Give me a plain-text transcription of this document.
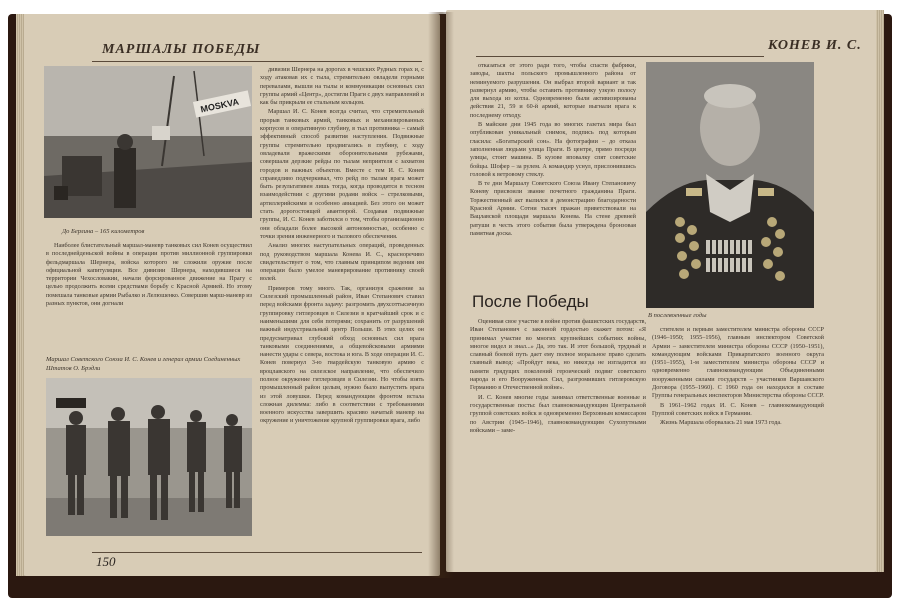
МАРШАЛЫ ПОБЕДЫ
MOSKVA
До Берлина – 165 километров

Наиболее блистательный маршал-маневр танковых сил Конев осуществил в последнейденьской войны в операции против миллионной группировки фельдмаршала Шернера, войска которого не сложили оружие после официальной капитуляции. Все дивизии Шернера, находившиеся на территории Чехословакии, начали форсированное движение на Прагу с целью продолжить всеми средствами борьбу с Красной Армией. Но этому помешала танковые армии Рыбалко и Лелюшенко. Совершив марш-маневр из разных пунктов, они догнали

Маршал Советского Союза И. С. Конев и генерал армии Соединенных Штатов О. Брэдли

дивизии Шернера на дорогах в чешских Рудных горах и, с ходу атаковав их с тыла, стремительно овладели горными перевалами, вышли на тылы и коммуникации основных сил группы армий «Центр», достигли Праги с двух направлений и как бы прикрыли ее стальным кольцом.

Маршал И. С. Конев всегда считал, что стремительный прорыв танковых армий, танковых и механизированных корпусов в оперативную глубину, в тыл противника – самый эффективный способ развития наступления. Подвижные группы стремительно продвигались в глубину, с ходу овладевали вражескими оборонительными рубежами, совершали дерзкие рейды по тылам неприятеля с захватом городов и важных объектов. Вместе с тем И. С. Конев справедливо подчеркивал, что рейд по тылам врага может быть результативен лишь тогда, когда проводится в тесном взаимодействии с другими родами войск – стрелковыми, артиллерийскими и особенно авиацией. Без этого он может стать дорогостоящей авантюрой. Создавая подвижные группы, И. С. Конев заботился о том, чтобы организационно они обладали более высокой автономностью, особенно с точки зрения инженерного и тылового обеспечения.

Анализ многих наступательных операций, проведенных под руководством маршала Конева И. С., красноречиво свидетельствует о том, что главным принципом ведения им операции было умелое маневрирование противнику своей волей.

Примеров тому много. Так, организуя сражение за Силезский промышленный район, Иван Степанович ставил перед войсками фронта задачу: разгромить двухсоттысячную группировку гитлеровцев в Силезии в кратчайший срок и с наименьшими для себя потерями; сохранить от разрушений важный индустриальный центр Польши. В этих целях он предусматривал глубокий обход основных сил врага танковыми соединениями, а общевойсковыми армиями нанести удары с севера, востока и юга. В ходе операции И. С. Конев повернул 3-ю гвардейскую танковую армию с вроцлавского на силезское направление, что обеспечило полное окружение гитлеровцев в Силезии. Но чтобы взять промышленный район целым, нужно было выпустить врага из этой ловушки. Перед командующим фронтом встала сложная дилемма: либо в соответствии с требованиями военного искусства завершить красиво начатый маневр на окружение и уничтожение крупной группировки врага, либо

150
КОНЕВ И. С.

отказаться от этого ради того, чтобы спасти фабрики, заводы, шахты польского промышленного района от неминуемого разрушения. Он выбрал второй вариант и так развернул армию, чтобы оставить противнику узкую полосу для выхода из котла. Одновременно были активизированы действия 21, 59 и 60-й армий, которые выгнали врага к последнему отходу.

В майские дни 1945 года во многих газетах мира был опубликован уникальный снимок, подпись под которым гласила: «Богатырский сон». На фотографии – до отказа заполненная людьми улица Праги. В центре, прямо посреди улицы, стоит машина. В кузове вповалку спят советские бойцы. Шофер – за рулем. А командир уснул, прислонившись головой к ветровому стеклу.

В те дни Маршалу Советского Союза Ивану Степановичу Коневу присвоили звание почетного гражданина Праги. Торжественный акт вылился в демонстрацию благодарности Красной Армии. Сотни тысяч пражан приветствовали на Вацлавской площади маршала Конева. На стене древней ратуши в честь этого события была утверждена бронзовая памятная доска.

В послевоенные годы
После Победы

Оценивая свое участие в войне против фашистских государств, Иван Степанович с законной гордостью скажет потом: «Я принимал участие во многих крупнейших событиях войны, многое видел и знал...» Да, это так. И этот большой, трудный и славный боевой путь дает ему полное моральное право сделать главный вывод: «Пройдут века, но никогда не изгладится из памяти грядущих поколений героический подвиг советского народа и его Вооруженных Сил, разгромивших гитлеровскую Германию в Отечественной войне».

И. С. Конев многие годы занимал ответственные военные и государственные посты: был главнокомандующим Центральной группой советских войск и одновременно Верховным комиссаром по Австрии (1945–1946), главнокомандующим Сухопутными войсками – заме-

стителем и первым заместителем министра обороны СССР (1946–1950; 1955–1956), главным инспектором Советской Армии – заместителем министра обороны СССР (1950–1951), командующим войсками Прикарпатского военного округа (1951–1955), 1-м заместителем министра обороны СССР и одновременно главнокомандующим Объединенными вооруженными силами государств – участников Варшавского Договора (1955–1960). С 1960 года он находился в составе Группы генеральных инспекторов Министерства обороны СССР.

В 1961–1962 годах И. С. Конев – главнокомандующий Группой советских войск в Германии.

Жизнь Маршала оборвалась 21 мая 1973 года.
